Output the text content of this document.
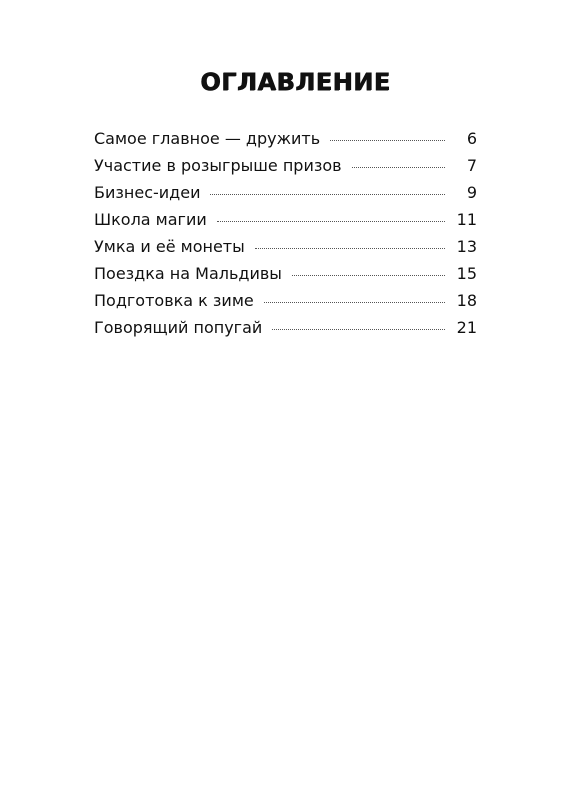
ОГЛАВЛЕНИЕ
Самое главное — дружить	6
Участие в розыгрыше призов	7
Бизнес-идеи	9
Школа магии	11
Умка и её монеты	13
Поездка на Мальдивы	15
Подготовка к зиме	18
Говорящий попугай	21
